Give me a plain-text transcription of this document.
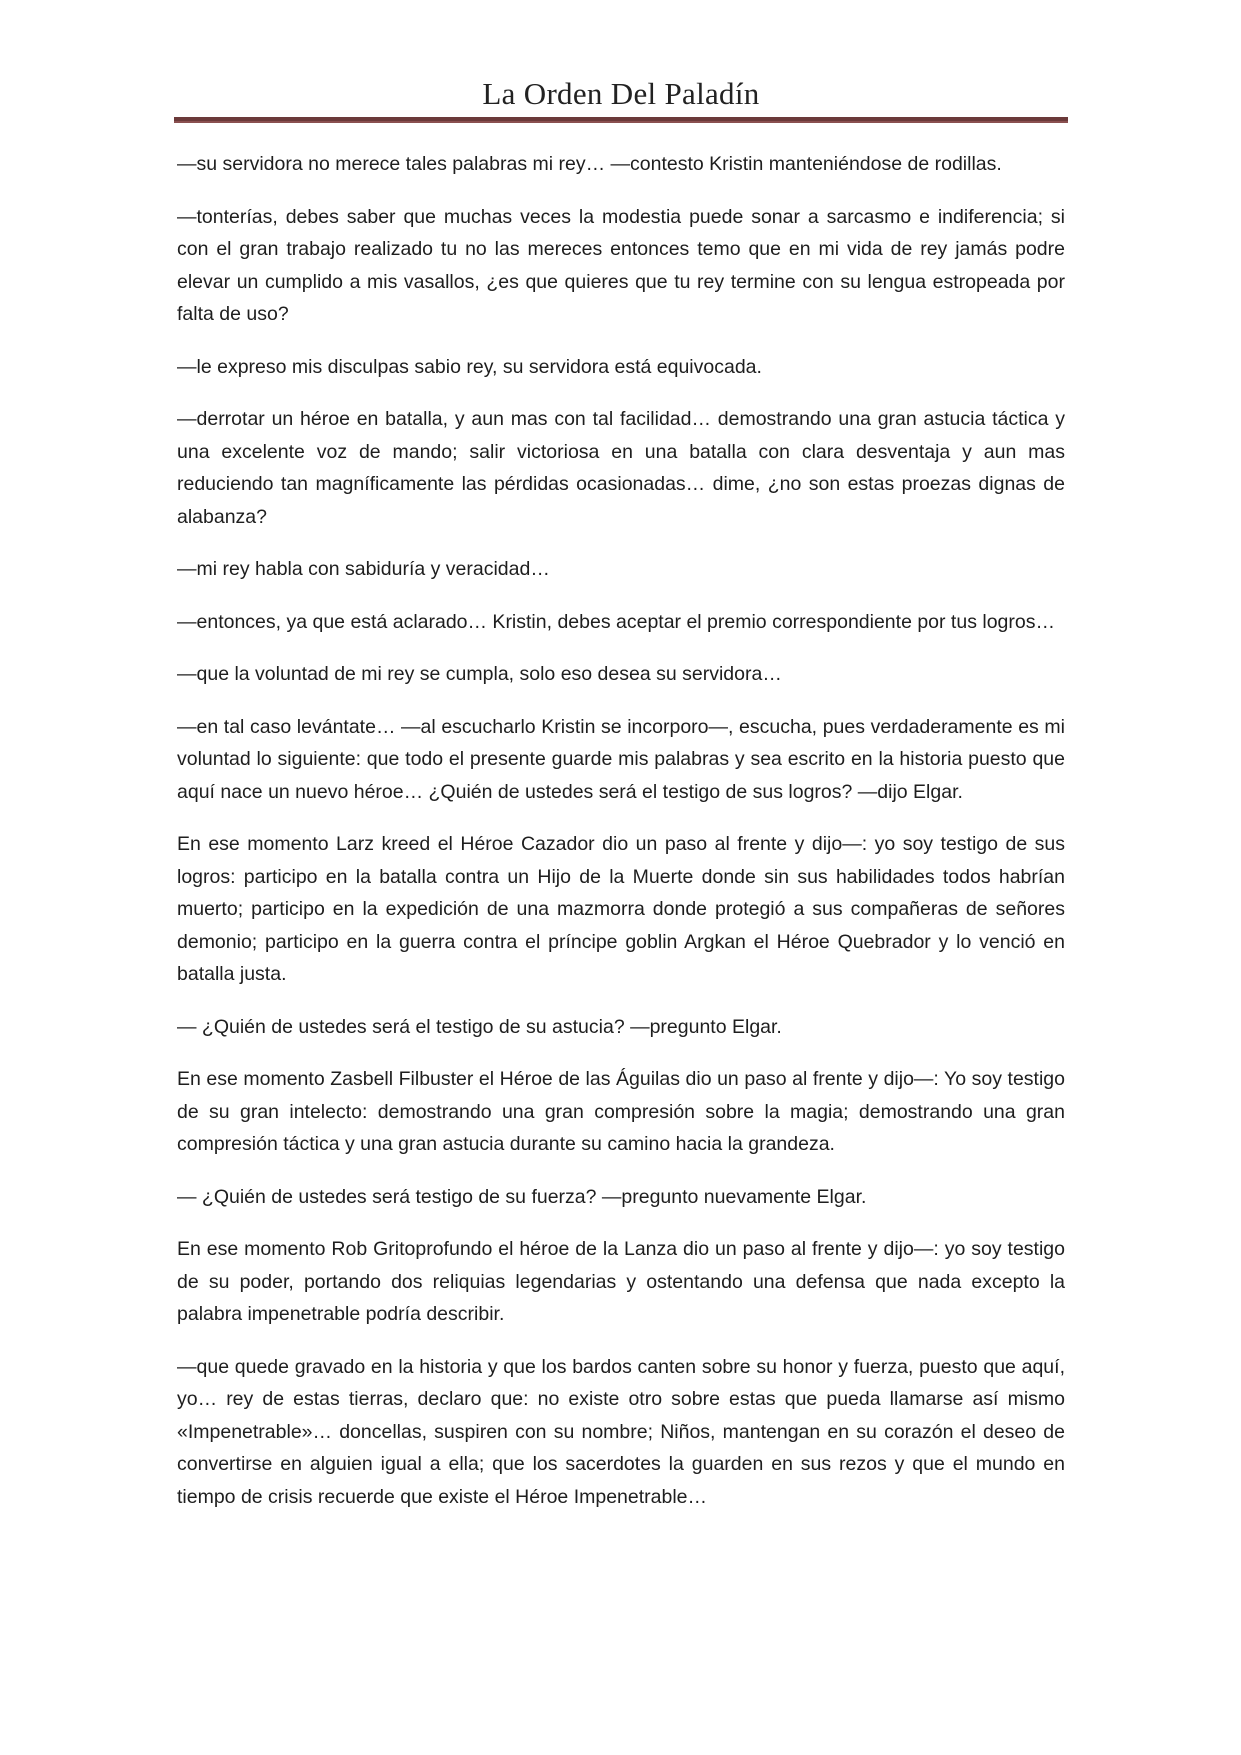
La Orden Del Paladín

—su servidora no merece tales palabras mi rey… —contesto Kristin manteniéndose de rodillas.

—tonterías, debes saber que muchas veces la modestia puede sonar a sarcasmo e indiferencia; si con el gran trabajo realizado tu no las mereces entonces temo que en mi vida de rey jamás podre elevar un cumplido a mis vasallos, ¿es que quieres que tu rey termine con su lengua estropeada por falta de uso?

—le expreso mis disculpas sabio rey, su servidora está equivocada.

—derrotar un héroe en batalla, y aun mas con tal facilidad… demostrando una gran astucia táctica y una excelente voz de mando; salir victoriosa en una batalla con clara desventaja y aun mas reduciendo tan magníficamente las pérdidas ocasionadas… dime, ¿no son estas proezas dignas de alabanza?

—mi rey habla con sabiduría y veracidad…

—entonces, ya que está aclarado… Kristin, debes aceptar el premio correspondiente por tus logros…

—que la voluntad de mi rey se cumpla, solo eso desea su servidora…

—en tal caso levántate… —al escucharlo Kristin se incorporo—, escucha, pues verdaderamente es mi voluntad lo siguiente: que todo el presente guarde mis palabras y sea escrito en la historia puesto que aquí nace un nuevo héroe… ¿Quién de ustedes será el testigo de sus logros? —dijo Elgar.

En ese momento Larz kreed el Héroe Cazador dio un paso al frente y dijo—: yo soy testigo de sus logros: participo en la batalla contra un Hijo de la Muerte donde sin sus habilidades todos habrían muerto; participo en la expedición de una mazmorra donde protegió a sus compañeras de señores demonio; participo en la guerra contra el príncipe goblin Argkan el Héroe Quebrador y lo venció en batalla justa.

— ¿Quién de ustedes será el testigo de su astucia? —pregunto Elgar.

En ese momento Zasbell Filbuster el Héroe de las Águilas dio un paso al frente y dijo—: Yo soy testigo de su gran intelecto: demostrando una gran compresión sobre la magia; demostrando una gran compresión táctica y una gran astucia durante su camino hacia la grandeza.

— ¿Quién de ustedes será testigo de su fuerza? —pregunto nuevamente Elgar.

En ese momento Rob Gritoprofundo el héroe de la Lanza dio un paso al frente y dijo—: yo soy testigo de su poder, portando dos reliquias legendarias y ostentando una defensa que nada excepto la palabra impenetrable podría describir.

—que quede gravado en la historia y que los bardos canten sobre su honor y fuerza, puesto que aquí, yo… rey de estas tierras, declaro que: no existe otro sobre estas que pueda llamarse así mismo «Impenetrable»… doncellas, suspiren con su nombre; Niños, mantengan en su corazón el deseo de convertirse en alguien igual a ella; que los sacerdotes la guarden en sus rezos y que el mundo en tiempo de crisis recuerde que existe el Héroe Impenetrable…
